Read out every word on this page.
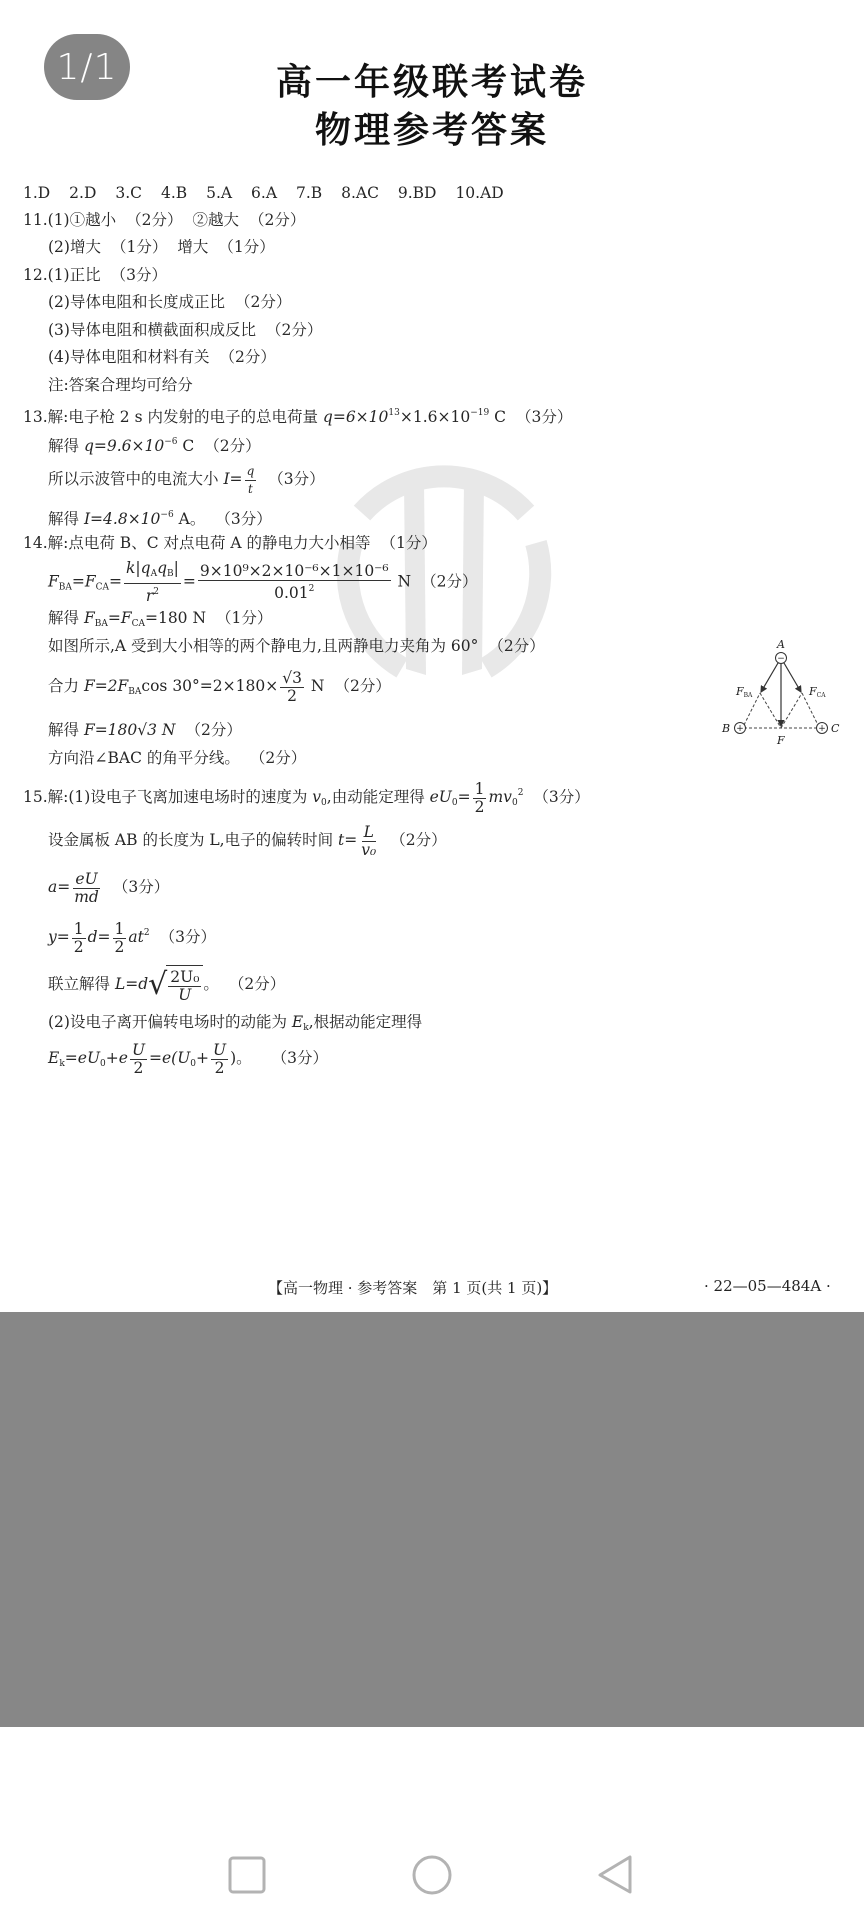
1/1	高一年级联考试卷
物理参考答案
1.D 2.D 3.C 4.B 5.A 6.A 7.B 8.AC 9.BD 10.AD
11.(1)①越小 （2分） ②越大 （2分）
(2)增大 （1分） 增大 （1分）
12.(1)正比 （3分）
(2)导体电阻和长度成正比 （2分）
(3)导体电阻和横截面积成反比 （2分）
(4)导体电阻和材料有关 （2分）
注:答案合理均可给分
13.解:电子枪 2 s 内发射的电子的总电荷量 $q=6\times 10^{13}\times 1.6\times 10^{-19}$ C （3分）
解得 $q=9.6\times 10^{-6}$ C （2分）
所以示波管中的电流大小 $I= \frac{q}{t} (3$分）
解得 $I=4.8\times 10^{-6}$ A。 （3分）
14.解:点电荷 B、C 对点电荷 A 的静电力大小相等 （1分）
$F_{BA}=F_{CA}= \frac{k|q_Aq_B|}{r^2} = \frac{\text{9×10⁹×2×10⁻⁶×1×10⁻⁶}}{0.01^2}$ N （2分）
解得 $F_{BA}=F_{CA}=180$ N （1分）
如图所示,A 受到大小相等的两个静电力,且两静电力夹角为 60° （2分）
合力 $F=2F_{BA}\cos$ $30^\circ=2\times 180\times \frac{√3}{2}$ N （2分）
解得 F=180√3 N （2分）
方向沿∠BAC 的角平分线。 （2分）
−
+	+
A
B	C
F
FBA	FCA
15.解:(1)设电子飞离加速电场时的速度为 $v_0$,由动能定理得 $eU_0= \frac{1}{2} mv_0^2$ （3分）
设金属板 AB 的长度为 L,电子的偏转时间 $t= \frac{L}{\text{v₀}} (2$分）
$a= \frac{eU}{md} (3$分）
$y= \frac{1}{2} d= \frac{1}{2} at^2$ （3分）
联立解得 L=d √ $\frac{\text{2U₀}}{U}$ 。 （2分）
(2)设电子离开偏转电场时的动能为 $E_k$,根据动能定理得
$E_k=eU_0+e \frac{U}{2} =e(U_0+ \frac{U}{2}$ )。 （3分）
【高一物理 · 参考答案　第 1 页(共 1 页)】	· 22—05—484A ·
